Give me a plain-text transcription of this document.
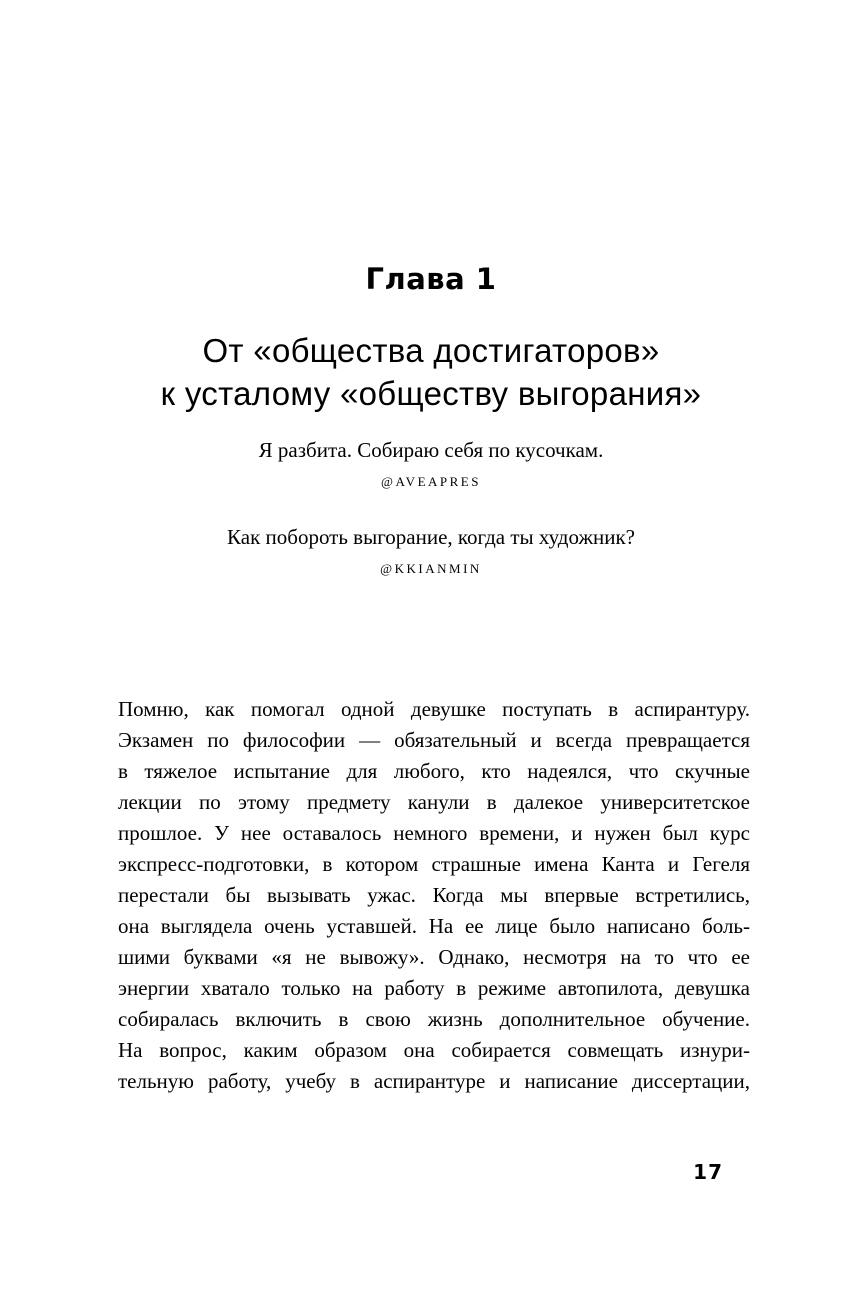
Глава 1
От «общества достигаторов»
к усталому «обществу выгорания»
Я разбита. Собираю себя по кусочкам.
@AVEAPRES
Как побороть выгорание, когда ты художник?
@KKIANMIN
Помню, как помогал одной девушке поступать в аспирантуру.
Экзамен по философии — обязательный и всегда превращается
в тяжелое испытание для любого, кто надеялся, что скучные
лекции по этому предмету канули в далекое университетское
прошлое. У нее оставалось немного времени, и нужен был курс
экспресс-подготовки, в котором страшные имена Канта и Гегеля
перестали бы вызывать ужас. Когда мы впервые встретились,
она выглядела очень уставшей. На ее лице было написано боль-
шими буквами «я не вывожу». Однако, несмотря на то что ее
энергии хватало только на работу в режиме автопилота, девушка
собиралась включить в свою жизнь дополнительное обучение.
На вопрос, каким образом она собирается совмещать изнури-
тельную работу, учебу в аспирантуре и написание диссертации,
17
